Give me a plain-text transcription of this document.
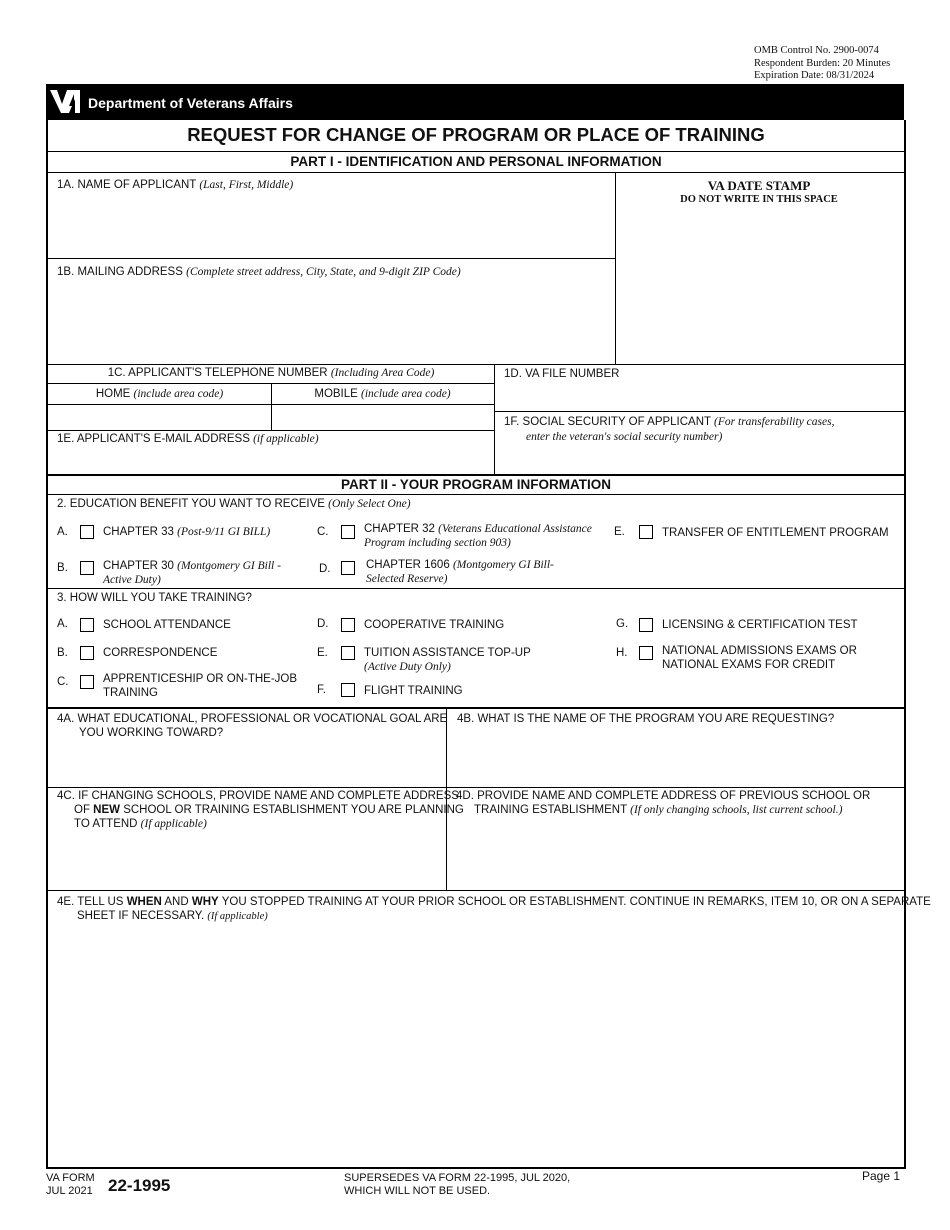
OMB Control No. 2900-0074
Respondent Burden: 20 Minutes
Expiration Date: 08/31/2024
Department of Veterans Affairs
REQUEST FOR CHANGE OF PROGRAM OR PLACE OF TRAINING
PART I - IDENTIFICATION AND PERSONAL INFORMATION
1A. NAME OF APPLICANT (Last, First, Middle)	VA DATE STAMP
DO NOT WRITE IN THIS SPACE
1B. MAILING ADDRESS (Complete street address, City, State, and 9-digit ZIP Code)
1C. APPLICANT'S TELEPHONE NUMBER (Including Area Code)	1D. VA FILE NUMBER
HOME (include area code)	MOBILE (include area code)
1E. APPLICANT'S E-MAIL ADDRESS (if applicable)
1F. SOCIAL SECURITY OF APPLICANT (For transferability cases,
enter the veteran's social security number)
PART II - YOUR PROGRAM INFORMATION
2. EDUCATION BENEFIT YOU WANT TO RECEIVE (Only Select One)
A.	CHAPTER 33 (Post-9/11 GI BILL)
B.	CHAPTER 30 (Montgomery GI Bill -
Active Duty)
C.	CHAPTER 32 (Veterans Educational Assistance
Program including section 903)
D.	CHAPTER 1606 (Montgomery GI Bill-
Selected Reserve)
E.	TRANSFER OF ENTITLEMENT PROGRAM
3. HOW WILL YOU TAKE TRAINING?
A.	SCHOOL ATTENDANCE
B.	CORRESPONDENCE
C.	APPRENTICESHIP OR ON-THE-JOB
TRAINING
D.	COOPERATIVE TRAINING
E.	TUITION ASSISTANCE TOP-UP
(Active Duty Only)
F.	FLIGHT TRAINING
G.	LICENSING & CERTIFICATION TEST
H.	NATIONAL ADMISSIONS EXAMS OR
NATIONAL EXAMS FOR CREDIT
4A. WHAT EDUCATIONAL, PROFESSIONAL OR VOCATIONAL GOAL ARE
YOU WORKING TOWARD?
4B. WHAT IS THE NAME OF THE PROGRAM YOU ARE REQUESTING?
4C. IF CHANGING SCHOOLS, PROVIDE NAME AND COMPLETE ADDRESS
OF NEW SCHOOL OR TRAINING ESTABLISHMENT YOU ARE PLANNING
TO ATTEND (If applicable)
4D. PROVIDE NAME AND COMPLETE ADDRESS OF PREVIOUS SCHOOL OR
TRAINING ESTABLISHMENT (If only changing schools, list current school.)
4E. TELL US WHEN AND WHY YOU STOPPED TRAINING AT YOUR PRIOR SCHOOL OR ESTABLISHMENT. CONTINUE IN REMARKS, ITEM 10, OR ON A SEPARATE
SHEET IF NECESSARY. (If applicable)
VA FORM
JUL 2021 22-1995	SUPERSEDES VA FORM 22-1995, JUL 2020,
WHICH WILL NOT BE USED.
Page 1
